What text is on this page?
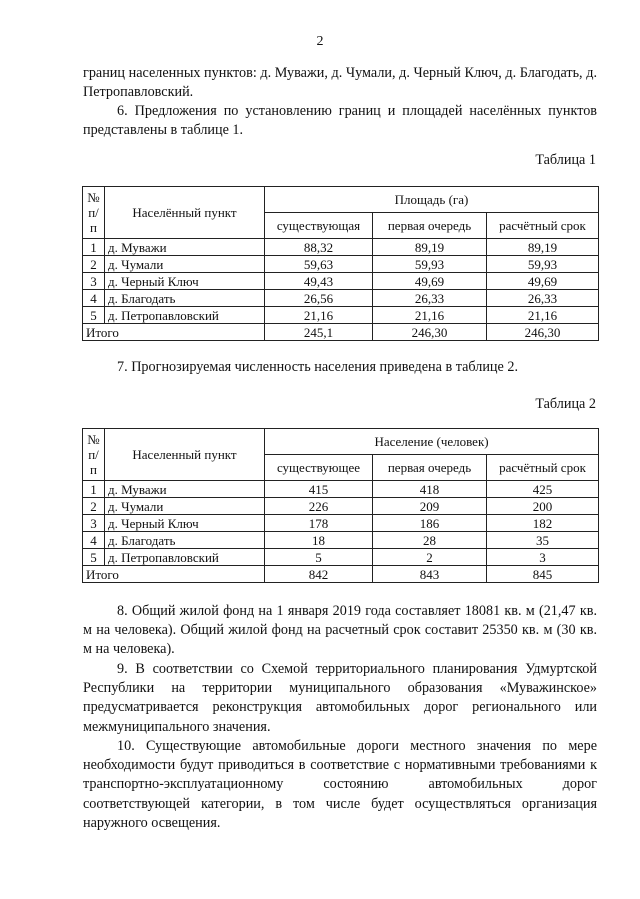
2
границ населенных пунктов: д. Муважи, д. Чумали, д. Черный Ключ, д. Благодать, д. Петропавловский.
6. Предложения по установлению границ и площадей населённых пунктов представлены в таблице 1.
Таблица 1
№ п/п	Населённый пункт	Площадь (га)		
		существующая	первая очередь	расчётный срок
1	д. Муважи	88,32	89,19	89,19
2	д. Чумали	59,63	59,93	59,93
3	д. Черный Ключ	49,43	49,69	49,69
4	д. Благодать	26,56	26,33	26,33
5	д. Петропавловский	21,16	21,16	21,16
Итого		245,1	246,30	246,30
7. Прогнозируемая численность населения приведена в таблице 2.
Таблица 2
№ п/п	Населенный пункт	Население (человек)		
		существующее	первая очередь	расчётный срок
1	д. Муважи	415	418	425
2	д. Чумали	226	209	200
3	д. Черный Ключ	178	186	182
4	д. Благодать	18	28	35
5	д. Петропавловский	5	2	3
Итого		842	843	845
8. Общий жилой фонд на 1 января 2019 года составляет 18081 кв. м (21,47 кв. м на человека). Общий жилой фонд на расчетный срок составит 25350 кв. м (30 кв. м на человека).
9. В соответствии со Схемой территориального планирования Удмуртской Республики на территории муниципального образования «Муважинское» предусматривается реконструкция автомобильных дорог регионального или межмуниципального значения.
10. Существующие автомобильные дороги местного значения по мере необходимости будут приводиться в соответствие с нормативными требованиями к транспортно-эксплуатационному состоянию автомобильных дорог соответствующей категории, в том числе будет осуществляться организация наружного освещения.
